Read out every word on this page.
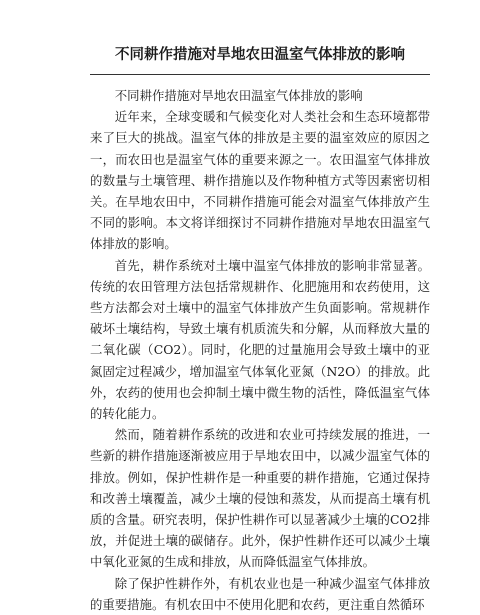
不同耕作措施对旱地农田温室气体排放的影响

不同耕作措施对旱地农田温室气体排放的影响

近年来，全球变暖和气候变化对人类社会和生态环境都带来了巨大的挑战。温室气体的排放是主要的温室效应的原因之一，而农田也是温室气体的重要来源之一。农田温室气体排放的数量与土壤管理、耕作措施以及作物种植方式等因素密切相关。在旱地农田中，不同耕作措施可能会对温室气体排放产生不同的影响。本文将详细探讨不同耕作措施对旱地农田温室气体排放的影响。

首先，耕作系统对土壤中温室气体排放的影响非常显著。传统的农田管理方法包括常规耕作、化肥施用和农药使用，这些方法都会对土壤中的温室气体排放产生负面影响。常规耕作破坏土壤结构，导致土壤有机质流失和分解，从而释放大量的二氧化碳（CO2）。同时，化肥的过量施用会导致土壤中的亚氮固定过程减少，增加温室气体氧化亚氮（N2O）的排放。此外，农药的使用也会抑制土壤中微生物的活性，降低温室气体的转化能力。

然而，随着耕作系统的改进和农业可持续发展的推进，一些新的耕作措施逐渐被应用于旱地农田中，以减少温室气体的排放。例如，保护性耕作是一种重要的耕作措施，它通过保持和改善土壤覆盖，减少土壤的侵蚀和蒸发，从而提高土壤有机质的含量。研究表明，保护性耕作可以显著减少土壤的CO2排放，并促进土壤的碳储存。此外，保护性耕作还可以减少土壤中氧化亚氮的生成和排放，从而降低温室气体排放。

除了保护性耕作外，有机农业也是一种减少温室气体排放的重要措施。有机农田中不使用化肥和农药，更注重自然循环
